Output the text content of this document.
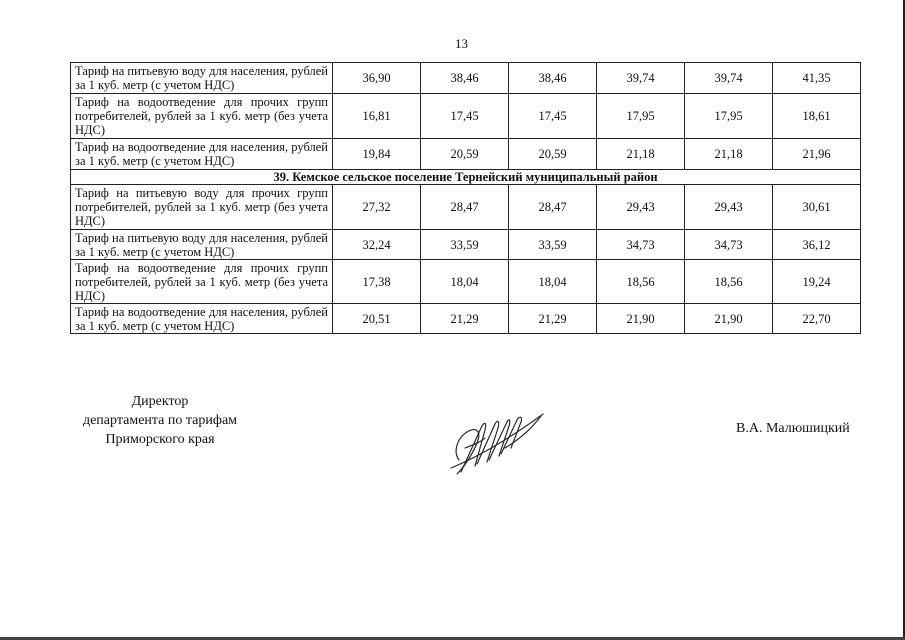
13
Тариф на питьевую воду для населения, рублей за 1 куб. метр (с учетом НДС)	36,90	38,46	38,46	39,74	39,74	41,35
Тариф на водоотведение для прочих групп потребителей, рублей за 1 куб. метр (без учета НДС)	16,81	17,45	17,45	17,95	17,95	18,61
Тариф на водоотведение для населения, рублей за 1 куб. метр (с учетом НДС)	19,84	20,59	20,59	21,18	21,18	21,96
39. Кемское сельское поселение Тернейский муниципальный район						
Тариф на питьевую воду для прочих групп потребителей, рублей за 1 куб. метр (без учета НДС)	27,32	28,47	28,47	29,43	29,43	30,61
Тариф на питьевую воду для населения, рублей за 1 куб. метр (с учетом НДС)	32,24	33,59	33,59	34,73	34,73	36,12
Тариф на водоотведение для прочих групп потребителей, рублей за 1 куб. метр (без учета НДС)	17,38	18,04	18,04	18,56	18,56	19,24
Тариф на водоотведение для населения, рублей за 1 куб. метр (с учетом НДС)	20,51	21,29	21,29	21,90	21,90	22,70
Директор
департамента по тарифам
Приморского края
В.А. Малюшицкий
